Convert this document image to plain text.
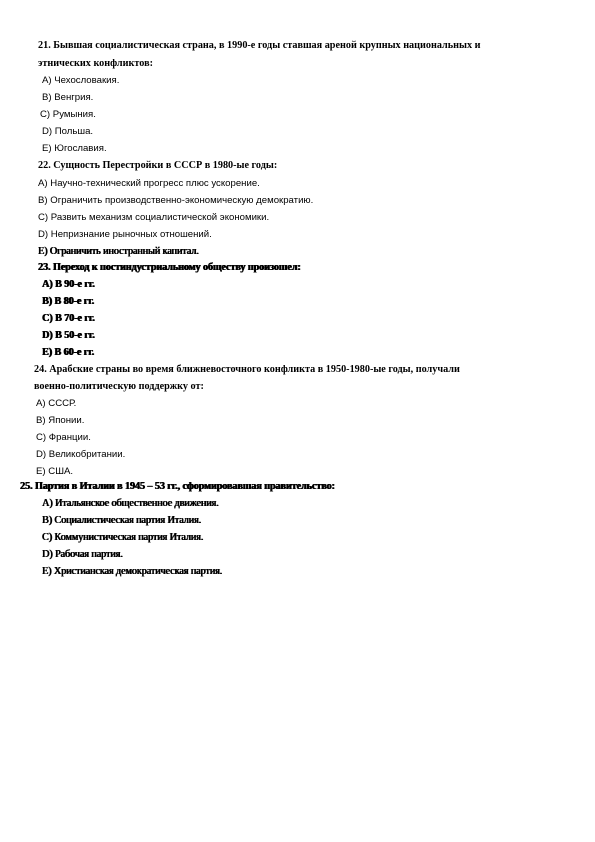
21. Бывшая социалистическая страна, в 1990-е годы ставшая ареной крупных национальных и
этнических конфликтов:
A) Чехословакия.
B) Венгрия.
C) Румыния.
D) Польша.
E) Югославия.
22. Сущность Перестройки в СССР в 1980-ые годы:
A) Научно-технический прогресс плюс ускорение.
B) Ограничить производственно-экономическую демократию.
C) Развить механизм социалистической экономики.
D) Непризнание рыночных отношений.
E) Ограничить иностранный капитал.
23. Переход к постиндустриальному обществу произошел:
A) В 90-е гг.
B) В 80-е гг.
C) В 70-е гг.
D) В 50-е гг.
E) В 60-е гг.
24. Арабские страны во время ближневосточного конфликта в 1950-1980-ые годы, получали
военно-политическую поддержку от:
A) СССР.
B) Японии.
C) Франции.
D) Великобритании.
E) США.
25. Партия в Италии в 1945 – 53 гг., сформировавшая правительство:
A) Итальянское общественное движения.
B) Социалистическая партия Италия.
C) Коммунистическая партия Италия.
D) Рабочая партия.
E) Христианская демократическая партия.
